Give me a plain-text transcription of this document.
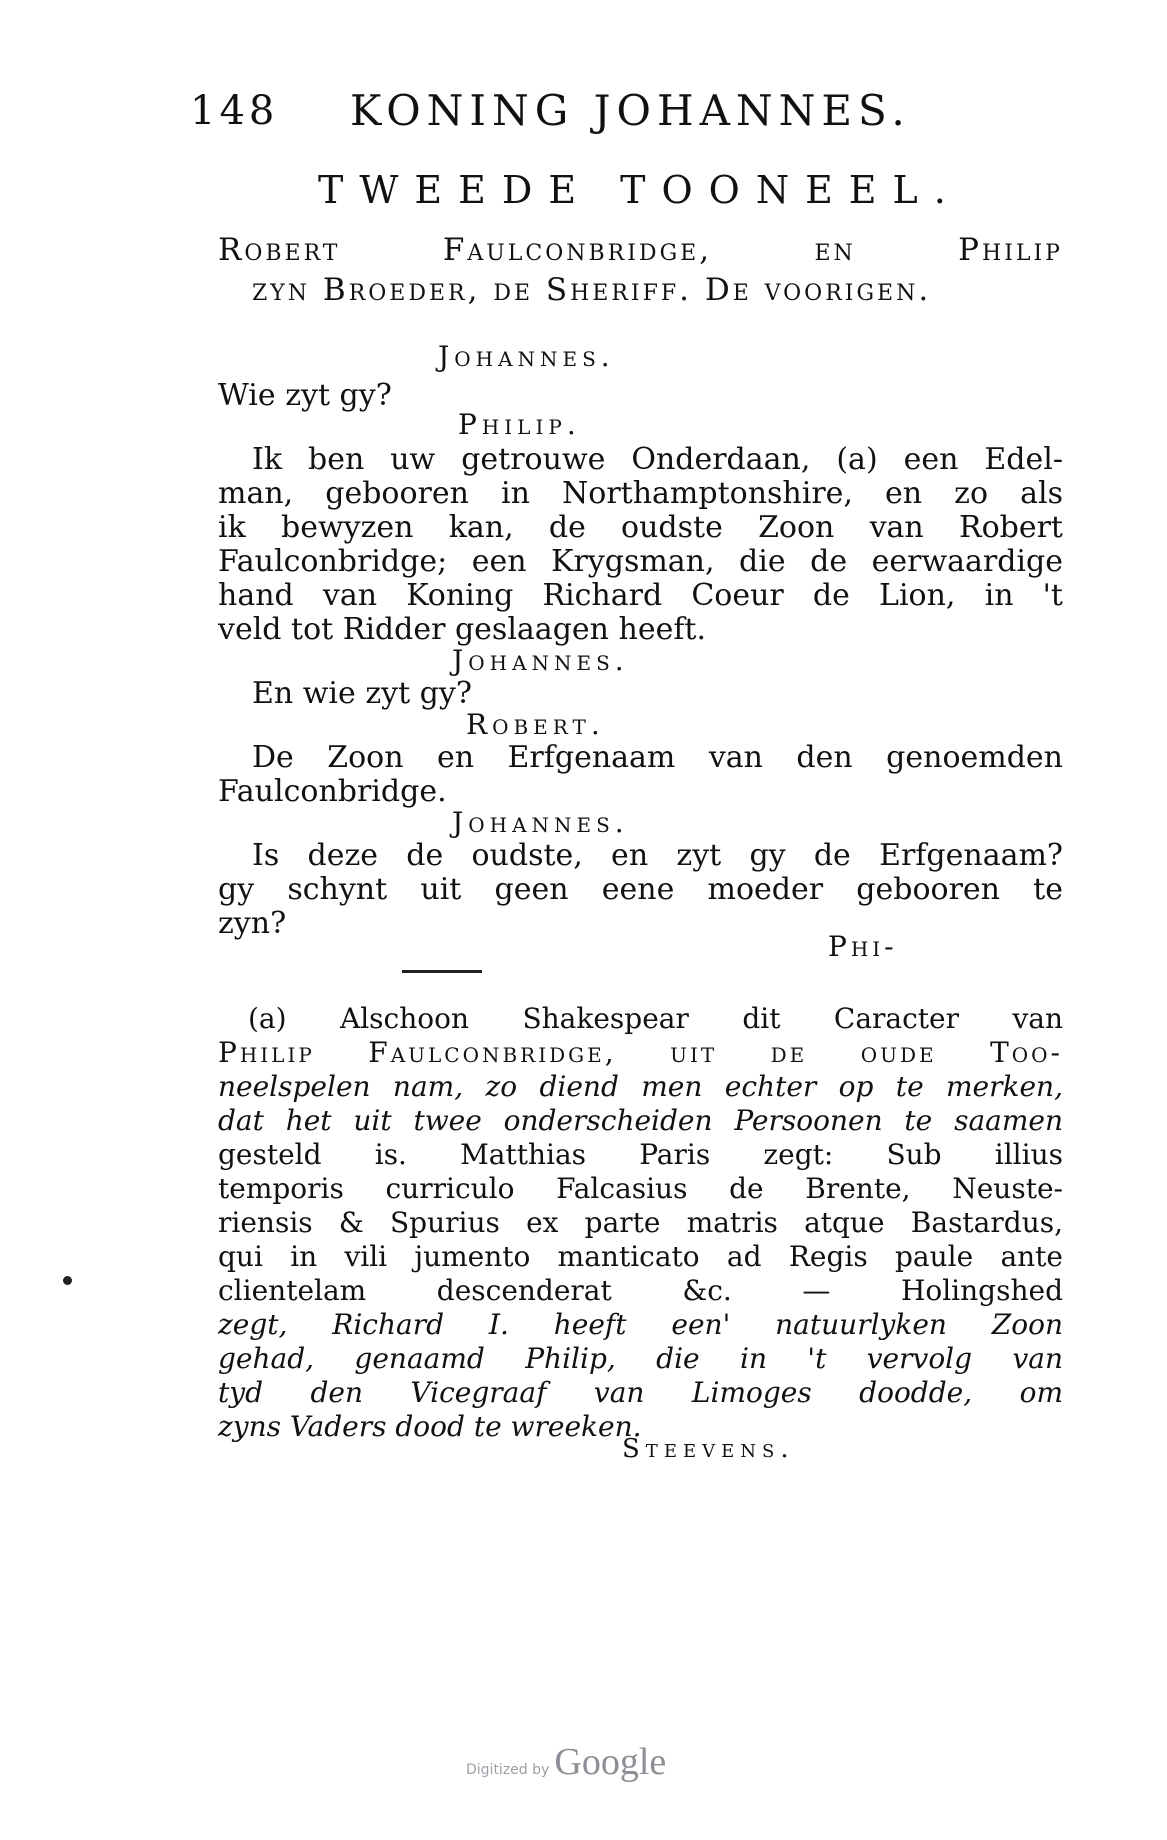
148 KONING JOHANNES.
TWEEDE TOONEEL.
Robert Faulconbridge, en Philip
zyn Broeder, de Sheriff. De voorigen.
Johannes.
Wie zyt gy?
Philip.
Ik ben uw getrouwe Onderdaan, (a) een Edel-
man, gebooren in Northamptonshire, en zo als
ik bewyzen kan, de oudste Zoon van Robert
Faulconbridge; een Krygsman, die de eerwaardige
hand van Koning Richard Coeur de Lion, in 't
veld tot Ridder geslaagen heeft.
Johannes.
En wie zyt gy?
Robert.
De Zoon en Erfgenaam van den genoemden
Faulconbridge.
Johannes.
Is deze de oudste, en zyt gy de Erfgenaam?
gy schynt uit geen eene moeder gebooren te
zyn?
Phi-
(a) Alschoon Shakespear dit Caracter van
Philip Faulconbridge, uit de oude Too-
neelspelen nam, zo diend men echter op te merken,
dat het uit twee onderscheiden Persoonen te saamen
gesteld is. Matthias Paris zegt: Sub illius
temporis curriculo Falcasius de Brente, Neuste-
riensis & Spurius ex parte matris atque Bastardus,
qui in vili jumento manticato ad Regis paule ante
clientelam descenderat &c. — Holingshed
zegt, Richard I. heeft een' natuurlyken Zoon
gehad, genaamd Philip, die in 't vervolg van
tyd den Vicegraaf van Limoges doodde, om
zyns Vaders dood te wreeken.
Steevens.
Digitized by Google
